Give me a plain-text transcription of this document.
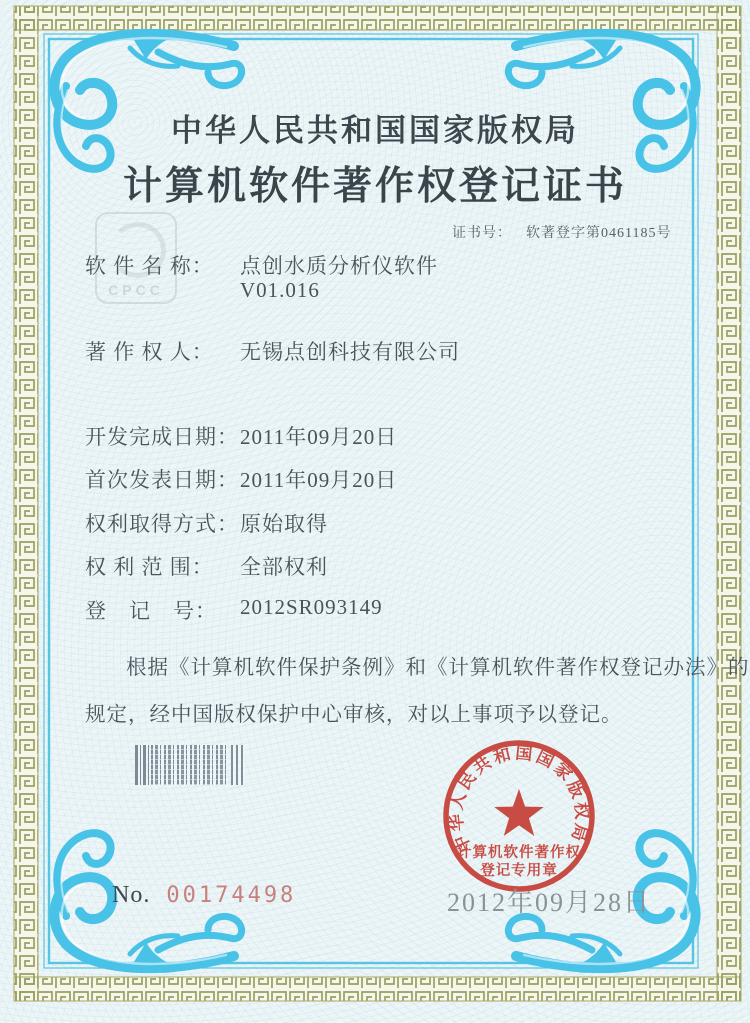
中华人民共和国国家版权局
计算机软件著作权登记证书
证书号： 软著登字第0461185号
CPCC
软 件 名 称： 点创水质分析仪软件
V01.016
著 作 权 人： 无锡点创科技有限公司
开发完成日期： 2011年09月20日
首次发表日期： 2011年09月20日
权利取得方式： 原始取得
权 利 范 围： 全部权利
登　记　号： 2012SR093149
根据《计算机软件保护条例》和《计算机软件著作权登记办法》的
规定，经中国版权保护中心审核，对以上事项予以登记。
中华人民共和国国家版权局
计算机软件著作权
登记专用章
2012年09月28日
No. 00174498
